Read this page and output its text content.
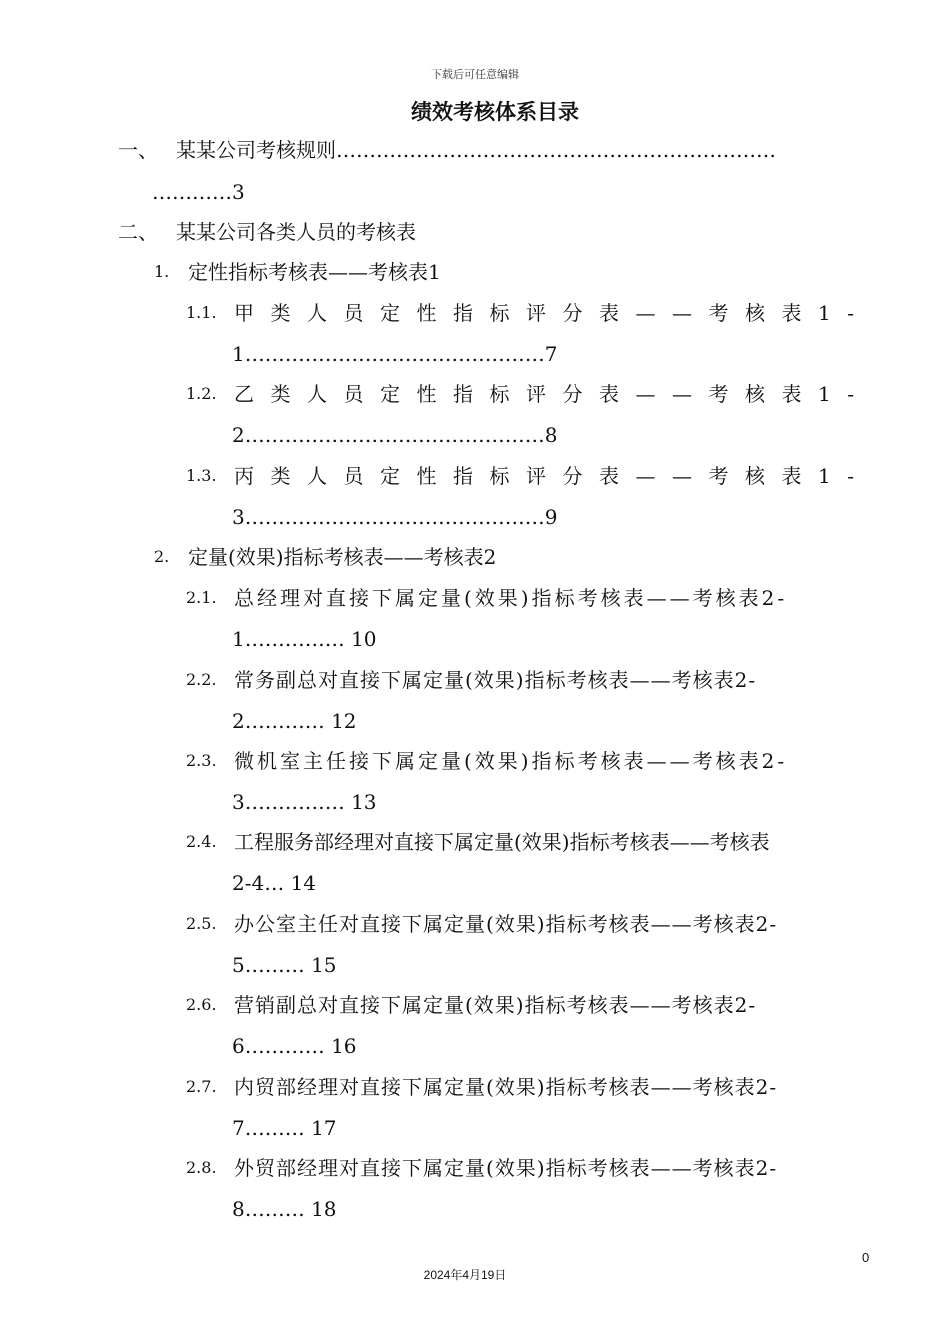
下载后可任意编辑
绩效考核体系目录
一、 某某公司考核规则…………………………………………………………
…………3
二、 某某公司各类人员的考核表
1. 定性指标考核表——考核表1
1.1. 甲类人员定性指标评分表——考核表1-
1………………………………………7
1.2. 乙类人员定性指标评分表——考核表1-
2………………………………………8
1.3. 丙类人员定性指标评分表——考核表1-
3………………………………………9
2. 定量(效果)指标考核表——考核表2
2.1. 总经理对直接下属定量(效果)指标考核表——考核表2-
1…………… 10
2.2. 常务副总对直接下属定量(效果)指标考核表——考核表2-
2………… 12
2.3. 微机室主任接下属定量(效果)指标考核表——考核表2-
3…………… 13
2.4. 工程服务部经理对直接下属定量(效果)指标考核表——考核表
2-4… 14
2.5. 办公室主任对直接下属定量(效果)指标考核表——考核表2-
5……… 15
2.6. 营销副总对直接下属定量(效果)指标考核表——考核表2-
6………… 16
2.7. 内贸部经理对直接下属定量(效果)指标考核表——考核表2-
7……… 17
2.8. 外贸部经理对直接下属定量(效果)指标考核表——考核表2-
8……… 18
0
2024年4月19日
